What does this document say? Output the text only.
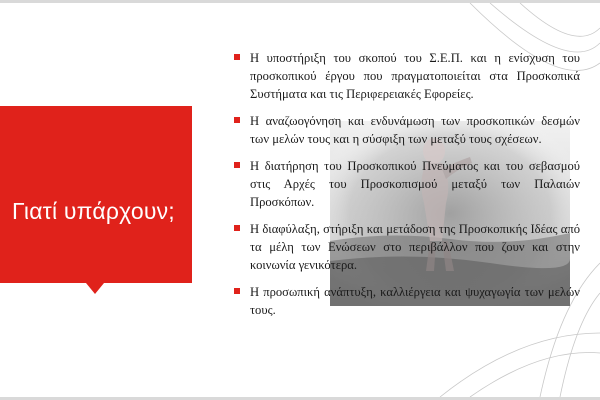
Γιατί υπάρχουν;
Η υποστήριξη του σκοπού του Σ.Ε.Π. και η ενίσχυση του προσκοπικού έργου που πραγματοποιείται στα Προσκοπικά Συστήματα και τις Περιφερειακές Εφορείες.
Η αναζωογόνηση και ενδυνάμωση των προσκοπικών δεσμών των μελών τους και η σύσφιξη των μεταξύ τους σχέσεων.
Η διατήρηση του Προσκοπικού Πνεύματος και του σεβασμού στις Αρχές του Προσκοπισμού μεταξύ των Παλαιών Προσκόπων.
Η διαφύλαξη, στήριξη και μετάδοση της Προσκοπικής Ιδέας από τα μέλη των Ενώσεων στο περιβάλλον που ζουν και στην κοινωνία γενικότερα.
Η προσωπική ανάπτυξη, καλλιέργεια και ψυχαγωγία των μελών τους.
